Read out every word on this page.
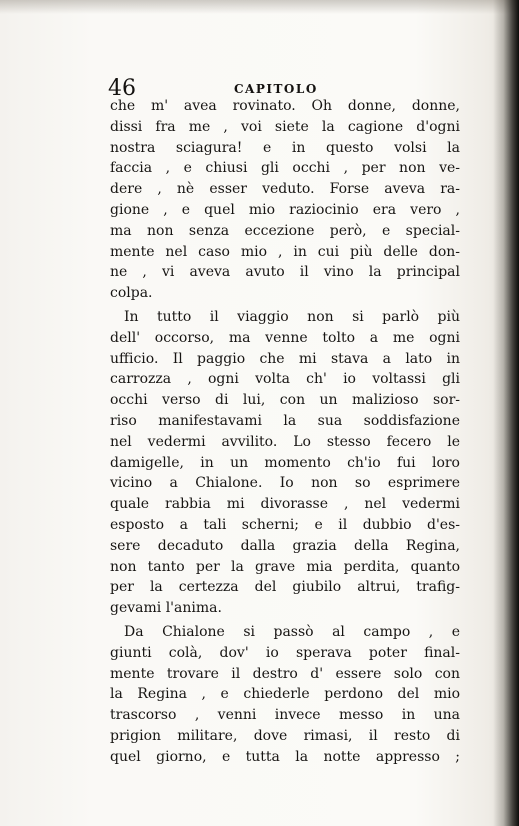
46	CAPITOLO
che m' avea rovinato. Oh donne, donne,
dissi fra me , voi siete la cagione d'ogni
nostra sciagura! e in questo volsi la
faccia , e chiusi gli occhi , per non ve-
dere , nè esser veduto. Forse aveva ra-
gione , e quel mio raziocinio era vero ,
ma non senza eccezione però, e special-
mente nel caso mio , in cui più delle don-
ne , vi aveva avuto il vino la principal
colpa.
In tutto il viaggio non si parlò più
dell' occorso, ma venne tolto a me ogni
ufficio. Il paggio che mi stava a lato in
carrozza , ogni volta ch' io voltassi gli
occhi verso di lui, con un malizioso sor-
riso manifestavami la sua soddisfazione
nel vedermi avvilito. Lo stesso fecero le
damigelle, in un momento ch'io fui loro
vicino a Chialone. Io non so esprimere
quale rabbia mi divorasse , nel vedermi
esposto a tali scherni; e il dubbio d'es-
sere decaduto dalla grazia della Regina,
non tanto per la grave mia perdita, quanto
per la certezza del giubilo altrui, trafig-
gevami l'anima.
Da Chialone si passò al campo , e
giunti colà, dov' io sperava poter final-
mente trovare il destro d' essere solo con
la Regina , e chiederle perdono del mio
trascorso , venni invece messo in una
prigion militare, dove rimasi, il resto di
quel giorno, e tutta la notte appresso ;
